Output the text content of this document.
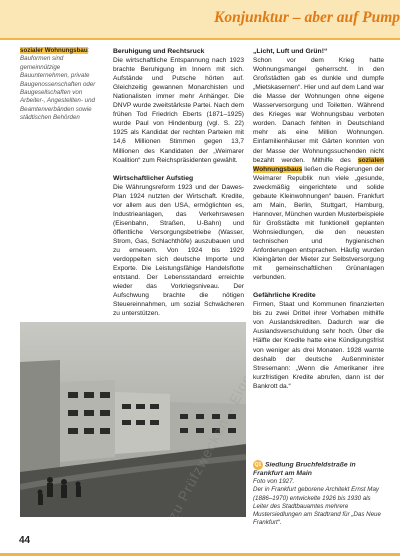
Konjunktur – aber auf Pump
sozialer Wohnungsbau: Bauformen sind gemeinnützige Bauunternehmen, private Baugenossenschaften oder Baugesellschaften von Arbeiter-, Angestellten- und Beamtenverbänden sowie städtischen Behörden
Beruhigung und Rechtsruck

Die wirtschaftliche Entspannung nach 1923 brachte Beruhigung im Innern mit sich. Aufstände und Putsche hörten auf. Gleichzeitig gewannen Monarchisten und Nationalisten immer mehr Anhänger. Die DNVP wurde zweitstärkste Partei. Nach dem frühen Tod Friedrich Eberts (1871–1925) wurde Paul von Hindenburg (vgl. S. 22) 1925 als Kandidat der rechten Parteien mit 14,6 Millionen Stimmen gegen 13,7 Millionen des Kandidaten der „Weimarer Koalition“ zum Reichspräsidenten gewählt.

Wirtschaftlicher Aufstieg

Die Währungsreform 1923 und der Dawes-Plan 1924 nutzten der Wirtschaft. Kredite, vor allem aus den USA, ermöglichten es, Industrieanlagen, das Verkehrswesen (Eisenbahn, Straßen, U-Bahn) und öffentliche Versorgungsbetriebe (Wasser, Strom, Gas, Schlachthöfe) auszubauen und zu erneuern. Von 1924 bis 1929 verdoppelten sich deutsche Importe und Exporte. Die Leistungsfähige Handelsflotte entstand. Der Lebensstandard erreichte wieder das Vorkriegsniveau. Der Aufschwung brachte die nötigen Steuereinnahmen, um sozial Schwächeren zu unterstützen.

„Licht, Luft und Grün!“

Schon vor dem Krieg hatte Wohnungsmangel geherrscht. In den Großstädten gab es dunkle und dumpfe „Mietskasernen“. Hier und auf dem Land war die Masse der Wohnungen ohne eigene Wasserversorgung und Toiletten. Während des Krieges war Wohnungsbau verboten worden. Danach fehlten in Deutschland mehr als eine Million Wohnungen. Einfamilienhäuser mit Gärten konnten von der Masse der Wohnungssuchenden nicht bezahlt werden. Mithilfe des sozialen Wohnungsbaus ließen die Regierungen der Weimarer Republik nun viele „gesunde, zweckmäßig eingerichtete und solide gebaute Kleinwohnungen“ bauen. Frankfurt am Main, Berlin, Stuttgart, Hamburg, Hannover, München wurden Musterbeispiele für Großstädte mit funktionell geplanten Wohnsiedlungen, die den neuesten technischen und hygienischen Anforderungen entsprachen. Häufig wurden Kleingärten der Mieter zur Selbstversorgung mit gemeinschaftlichen Grünanlagen verbunden.

Gefährliche Kredite

Firmen, Staat und Kommunen finanzierten bis zu zwei Drittel ihrer Vorhaben mithilfe von Auslandskrediten. Dadurch war die Auslandsverschuldung sehr hoch. Über die Hälfte der Kredite hatte eine Kündigungsfrist von weniger als drei Monaten. 1928 warnte deshalb der deutsche Außenminister Stresemann: „Wenn die Amerikaner ihre kurzfristigen Kredite abrufen, dann ist der Bankrott da.“

zu Prüfzwecken –
Q1 Siedlung Bruchfeldstraße in Frankfurt am Main
Foto von 1927.
Der in Frankfurt geborene Architekt Ernst May (1886–1970) entwickelte 1926 bis 1930 als Leiter des Stadtbauamtes mehrere Mustersiedlungen am Stadtrand für „Das Neue Frankfurt“.
44
